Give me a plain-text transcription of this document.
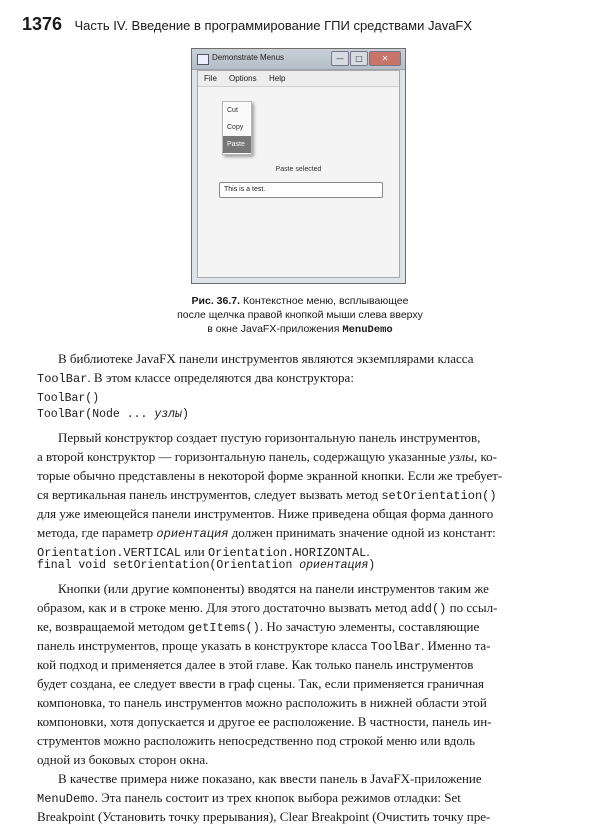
1376 Часть IV. Введение в программирование ГПИ средствами JavaFX
Demonstrate Menus	—	□	✕
File Options Help
Cut
Copy
Paste
Paste selected
This is a test.
Рис. 36.7. Контекстное меню, всплывающее
после щелчка правой кнопкой мыши слева вверху
в окне JavaFX-приложения MenuDemo
В библиотеке JavaFX панели инструментов являются экземплярами класса
ToolBar. В этом классе определяются два конструктора:
ToolBar()
ToolBar(Node ... узлы)
Первый конструктор создает пустую горизонтальную панель инструментов,
а второй конструктор — горизонтальную панель, содержащую указанные узлы, ко-
торые обычно представлены в некоторой форме экранной кнопки. Если же требует-
ся вертикальная панель инструментов, следует вызвать метод setOrientation()
для уже имеющейся панели инструментов. Ниже приведена общая форма данного
метода, где параметр ориентация должен принимать значение одной из констант:
Orientation.VERTICAL или Orientation.HORIZONTAL.
final void setOrientation(Orientation ориентация)
Кнопки (или другие компоненты) вводятся на панели инструментов таким же
образом, как и в строке меню. Для этого достаточно вызвать метод add() по ссыл-
ке, возвращаемой методом getItems(). Но зачастую элементы, составляющие
панель инструментов, проще указать в конструкторе класса ToolBar. Именно та-
кой подход и применяется далее в этой главе. Как только панель инструментов
будет создана, ее следует ввести в граф сцены. Так, если применяется граничная
компоновка, то панель инструментов можно расположить в нижней области этой
компоновки, хотя допускается и другое ее расположение. В частности, панель ин-
струментов можно расположить непосредственно под строкой меню или вдоль
одной из боковых сторон окна.
В качестве примера ниже показано, как ввести панель в JavaFX-приложение
MenuDemo. Эта панель состоит из трех кнопок выбора режимов отладки: Set
Breakpoint (Установить точку прерывания), Clear Breakpoint (Очистить точку пре-
